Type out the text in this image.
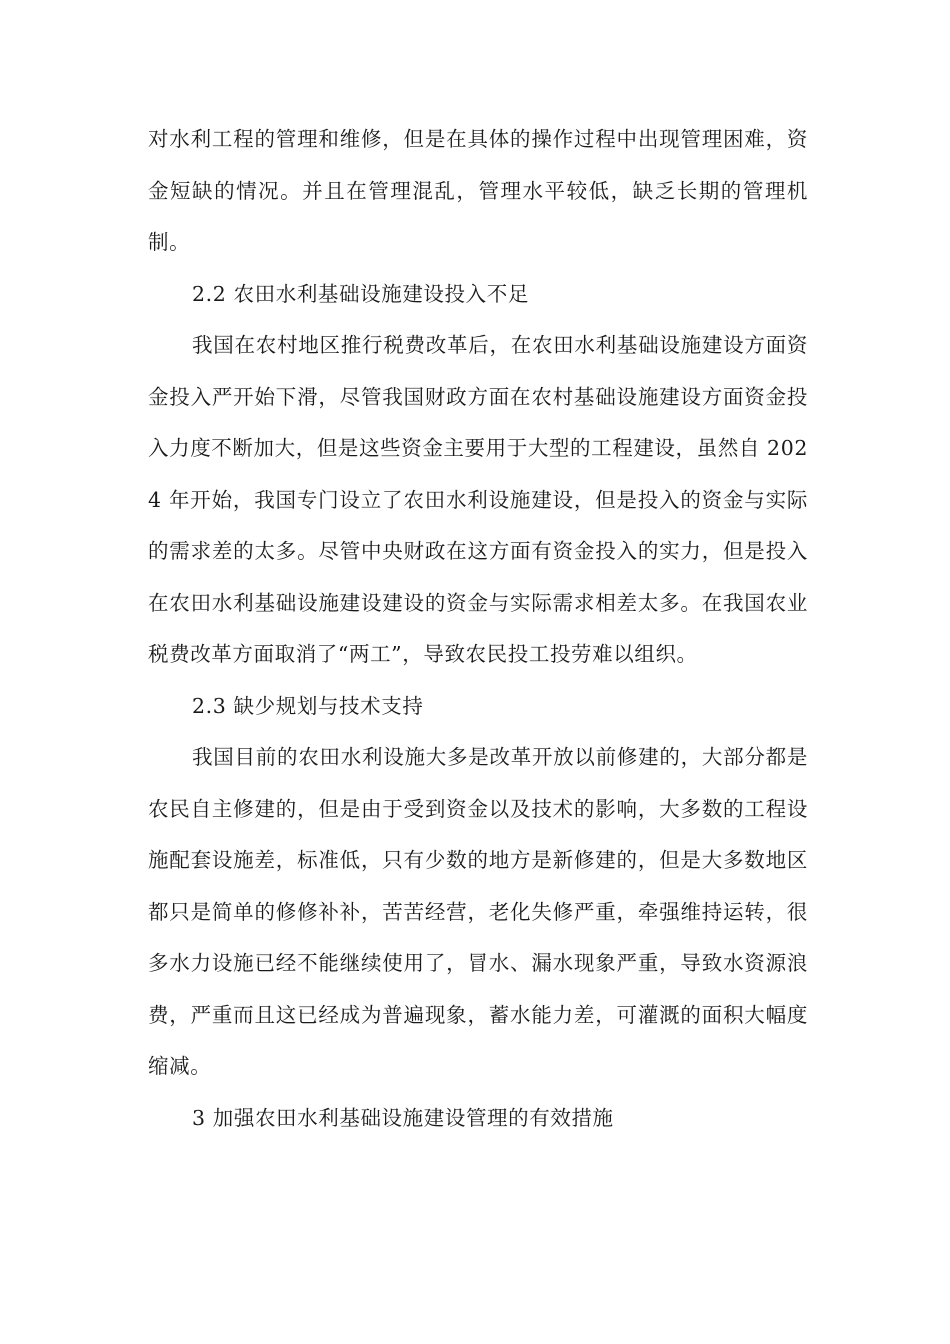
对水利工程的管理和维修，但是在具体的操作过程中出现管理困难，资金短缺的情况。并且在管理混乱，管理水平较低，缺乏长期的管理机制。

2.2 农田水利基础设施建设投入不足

我国在农村地区推行税费改革后，在农田水利基础设施建设方面资金投入严开始下滑，尽管我国财政方面在农村基础设施建设方面资金投入力度不断加大，但是这些资金主要用于大型的工程建设，虽然自 2024 年开始，我国专门设立了农田水利设施建设，但是投入的资金与实际的需求差的太多。尽管中央财政在这方面有资金投入的实力，但是投入在农田水利基础设施建设建设的资金与实际需求相差太多。在我国农业税费改革方面取消了“两工”，导致农民投工投劳难以组织。

2.3 缺少规划与技术支持

我国目前的农田水利设施大多是改革开放以前修建的，大部分都是农民自主修建的，但是由于受到资金以及技术的影响，大多数的工程设施配套设施差，标准低，只有少数的地方是新修建的，但是大多数地区都只是简单的修修补补，苦苦经营，老化失修严重，牵强维持运转，很多水力设施已经不能继续使用了，冒水、漏水现象严重，导致水资源浪费，严重而且这已经成为普遍现象，蓄水能力差，可灌溉的面积大幅度缩减。

3 加强农田水利基础设施建设管理的有效措施
